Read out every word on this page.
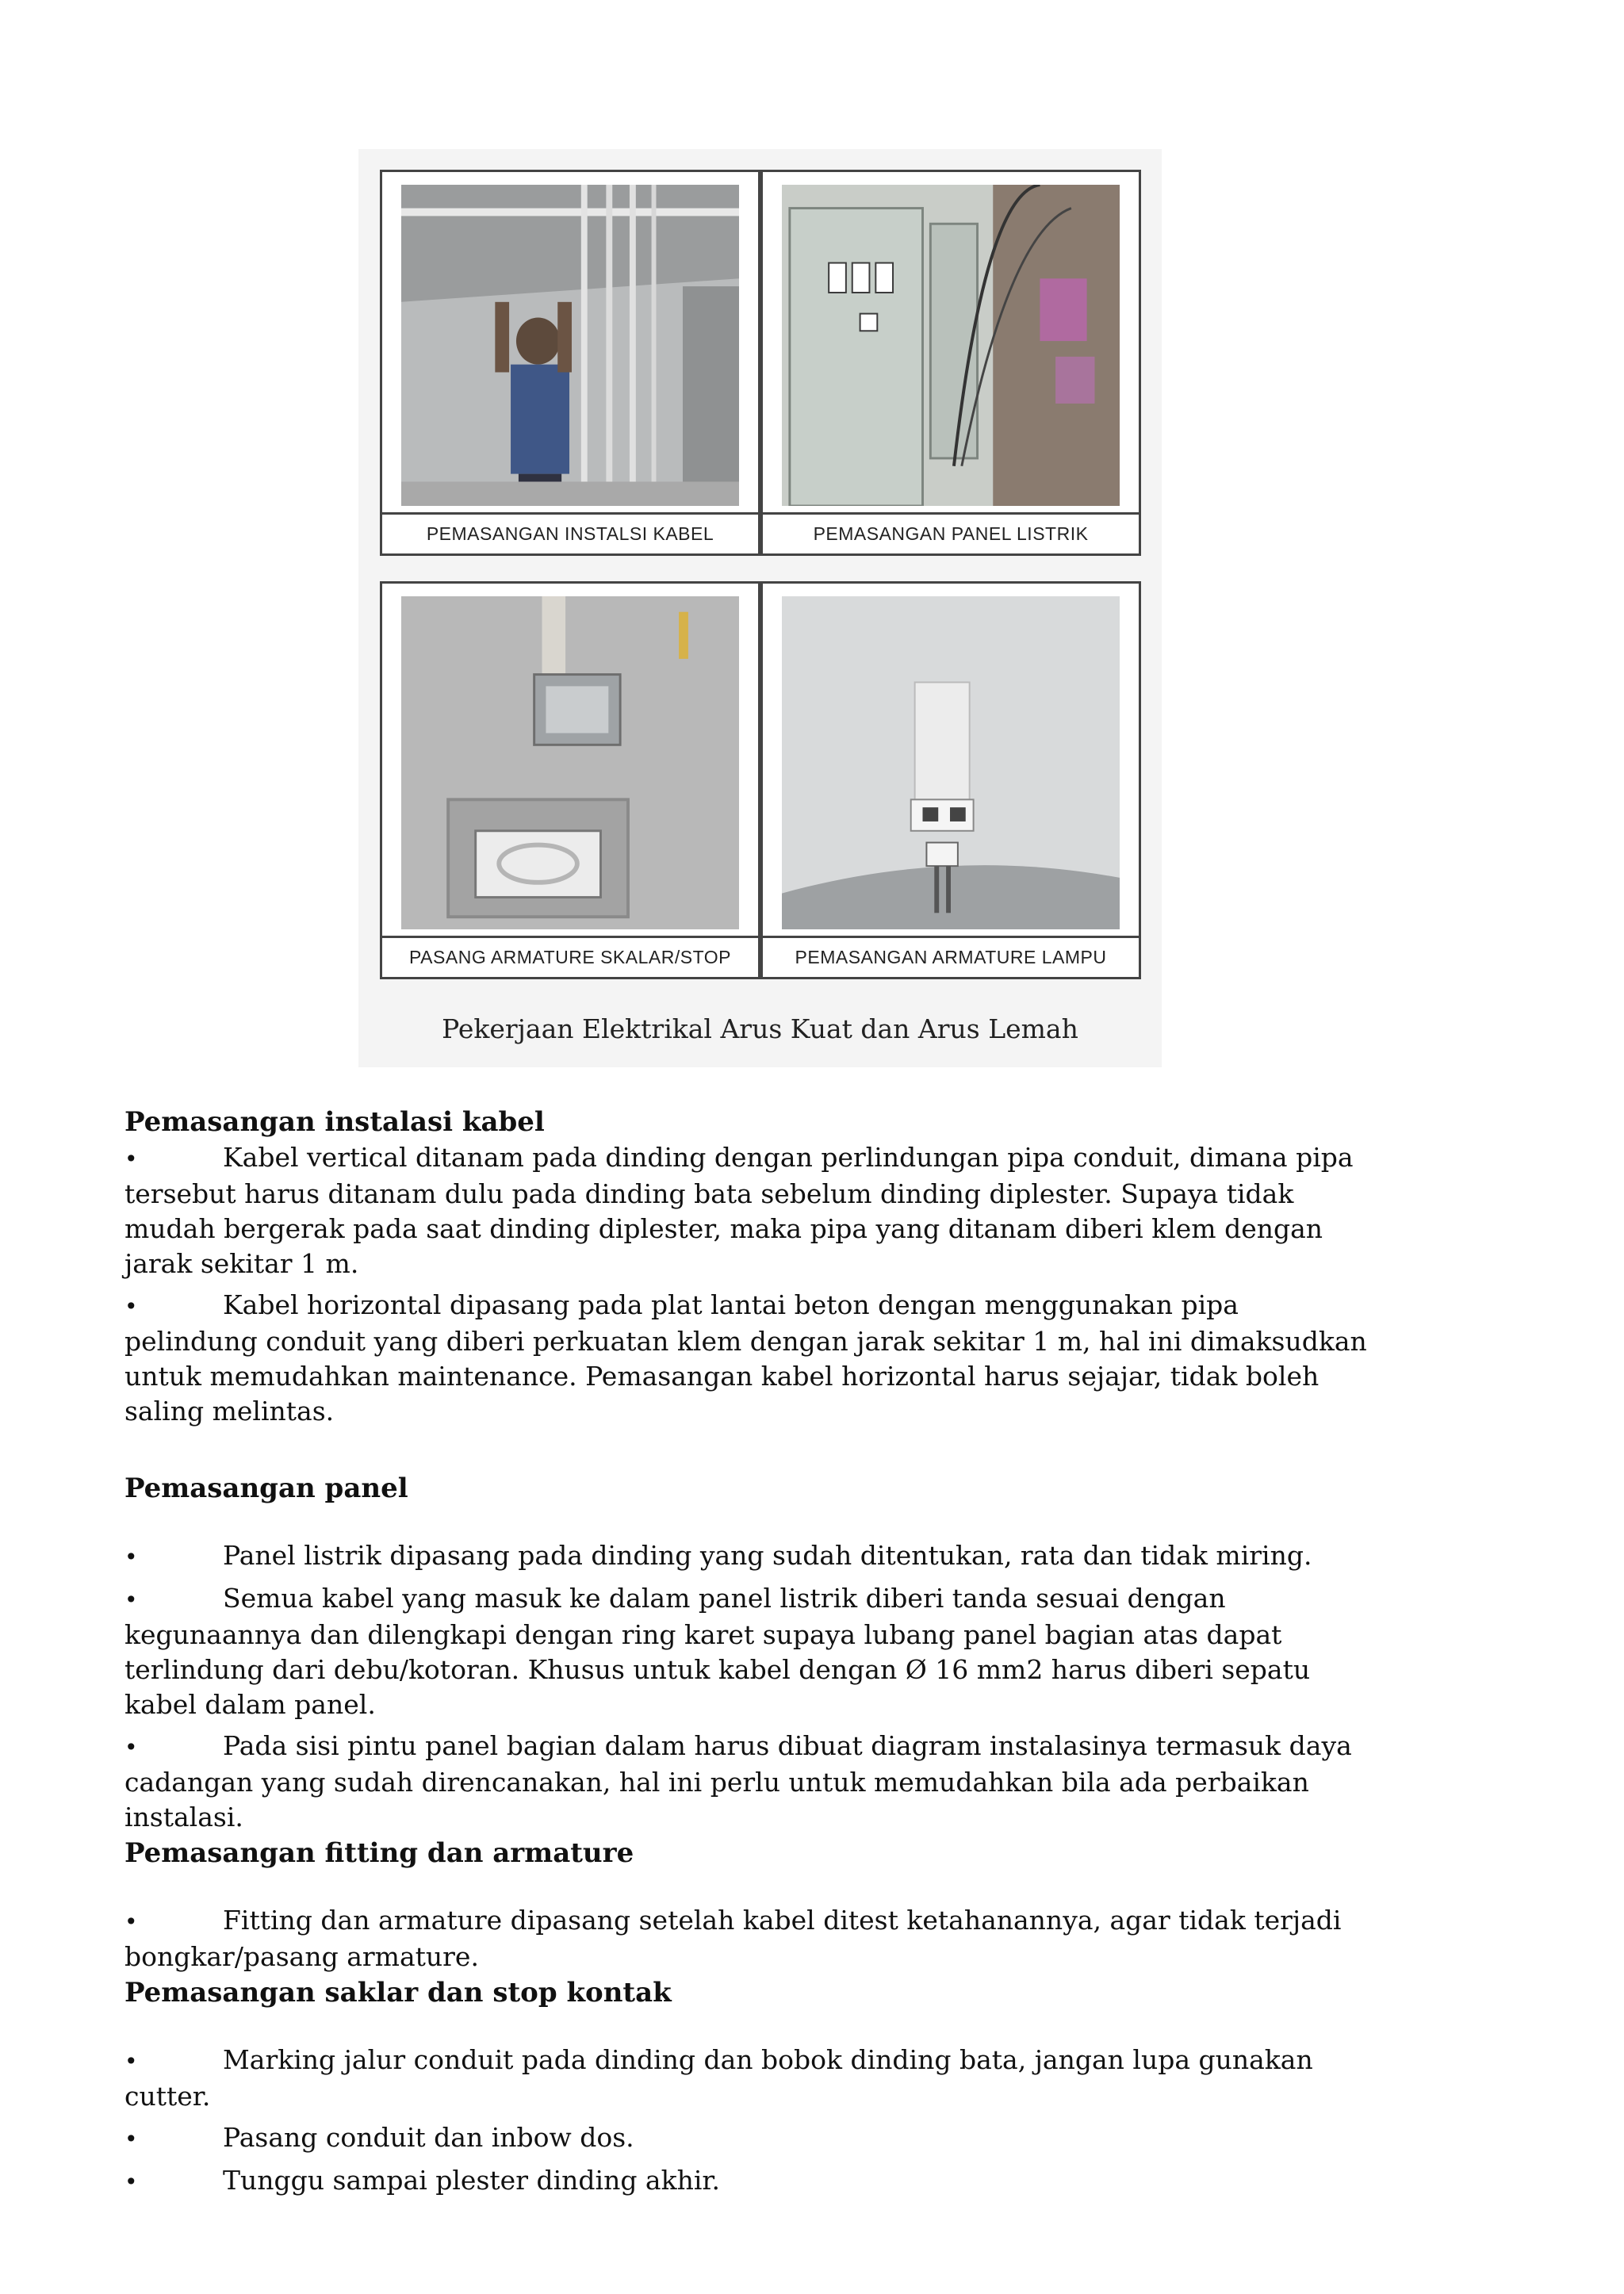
PEMASANGAN INSTALSI KABEL	PEMASANGAN PANEL LISTRIK
PASANG ARMATURE SKALAR/STOP	PEMASANGAN ARMATURE LAMPU
Pekerjaan Elektrikal Arus Kuat dan Arus Lemah
Pemasangan instalasi kabel
•	Kabel vertical ditanam pada dinding dengan perlindungan pipa conduit, dimana pipa tersebut harus ditanam dulu pada dinding bata sebelum dinding diplester. Supaya tidak mudah bergerak pada saat dinding diplester, maka pipa yang ditanam diberi klem dengan jarak sekitar 1 m.
•	Kabel horizontal dipasang pada plat lantai beton dengan menggunakan pipa pelindung conduit yang diberi perkuatan klem dengan jarak sekitar 1 m, hal ini dimaksudkan untuk memudahkan maintenance. Pemasangan kabel horizontal harus sejajar, tidak boleh saling melintas.
Pemasangan panel
•	Panel listrik dipasang pada dinding yang sudah ditentukan, rata dan tidak miring.
•	Semua kabel yang masuk ke dalam panel listrik diberi tanda sesuai dengan kegunaannya dan dilengkapi dengan ring karet supaya lubang panel bagian atas dapat terlindung dari debu/kotoran. Khusus untuk kabel dengan Ø 16 mm2 harus diberi sepatu kabel dalam panel.
•	Pada sisi pintu panel bagian dalam harus dibuat diagram instalasinya termasuk daya cadangan yang sudah direncanakan, hal ini perlu untuk memudahkan bila ada perbaikan instalasi.
Pemasangan fitting dan armature
•	Fitting dan armature dipasang setelah kabel ditest ketahanannya, agar tidak terjadi bongkar/pasang armature.
Pemasangan saklar dan stop kontak
•	Marking jalur conduit pada dinding dan bobok dinding bata, jangan lupa gunakan cutter.
•	Pasang conduit dan inbow dos.
•	Tunggu sampai plester dinding akhir.
